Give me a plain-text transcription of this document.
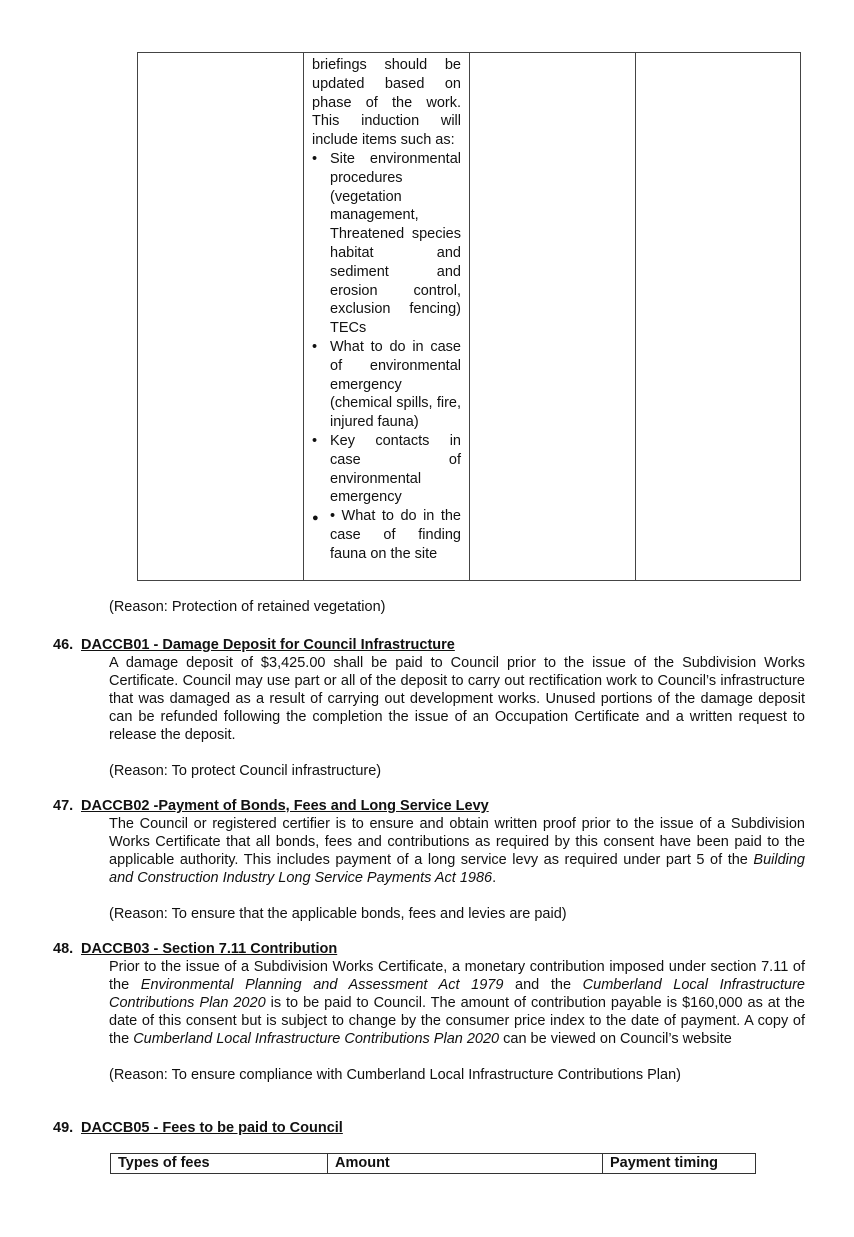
briefings should be updated based on phase of the work. This induction will include items such as:

• Site environmental procedures (vegetation management, Threatened species habitat and sediment and erosion control, exclusion fencing) TECs
• What to do in case of environmental emergency (chemical spills, fire, injured fauna)
• Key contacts in case of environmental emergency
● • What to do in the case of finding fauna on the site

(Reason: Protection of retained vegetation)
46. DACCB01 - Damage Deposit for Council Infrastructure
A damage deposit of $3,425.00 shall be paid to Council prior to the issue of the Subdivision Works Certificate. Council may use part or all of the deposit to carry out rectification work to Council’s infrastructure that was damaged as a result of carrying out development works. Unused portions of the damage deposit can be refunded following the completion the issue of an Occupation Certificate and a written request to release the deposit.
(Reason: To protect Council infrastructure)
47. DACCB02 -Payment of Bonds, Fees and Long Service Levy
The Council or registered certifier is to ensure and obtain written proof prior to the issue of a Subdivision Works Certificate that all bonds, fees and contributions as required by this consent have been paid to the applicable authority. This includes payment of a long service levy as required under part 5 of the Building and Construction Industry Long Service Payments Act 1986.
(Reason: To ensure that the applicable bonds, fees and levies are paid)
48. DACCB03 - Section 7.11 Contribution
Prior to the issue of a Subdivision Works Certificate, a monetary contribution imposed under section 7.11 of the Environmental Planning and Assessment Act 1979 and the Cumberland Local Infrastructure Contributions Plan 2020 is to be paid to Council. The amount of contribution payable is $160,000 as at the date of this consent but is subject to change by the consumer price index to the date of payment. A copy of the Cumberland Local Infrastructure Contributions Plan 2020 can be viewed on Council’s website
(Reason: To ensure compliance with Cumberland Local Infrastructure Contributions Plan)
49. DACCB05 - Fees to be paid to Council
Types of fees	Amount	Payment timing
